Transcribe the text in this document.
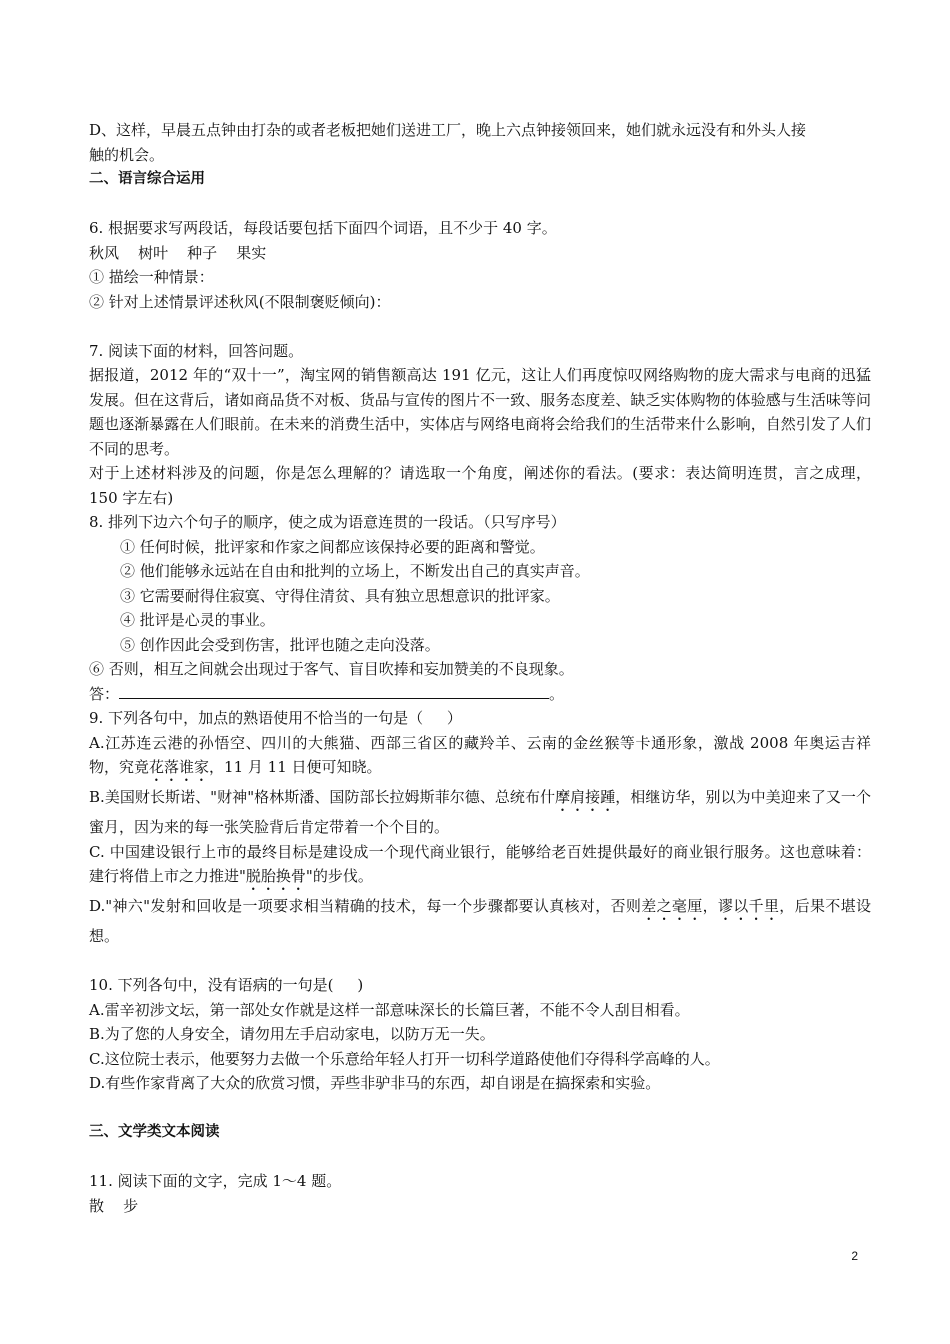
D、这样，早晨五点钟由打杂的或者老板把她们送进工厂，晚上六点钟接领回来，她们就永远没有和外头人接
触的机会。
二、语言综合运用
6. 根据要求写两段话，每段话要包括下面四个词语，且不少于 40 字。
秋风    树叶    种子    果实
① 描绘一种情景：
② 针对上述情景评述秋风(不限制褒贬倾向)：
7. 阅读下面的材料，回答问题。
据报道，2012 年的“双十一”，淘宝网的销售额高达 191 亿元，这让人们再度惊叹网络购物的庞大需求与电商的迅猛发展。但在这背后，诸如商品货不对板、货品与宣传的图片不一致、服务态度差、缺乏实体购物的体验感与生活味等问题也逐渐暴露在人们眼前。在未来的消费生活中，实体店与网络电商将会给我们的生活带来什么影响，自然引发了人们不同的思考。
对于上述材料涉及的问题，你是怎么理解的？请选取一个角度，阐述你的看法。(要求：表达简明连贯，言之成理，150 字左右)
8. 排列下边六个句子的顺序，使之成为语意连贯的一段话。（只写序号）
① 任何时候，批评家和作家之间都应该保持必要的距离和警觉。
② 他们能够永远站在自由和批判的立场上，不断发出自己的真实声音。
③ 它需要耐得住寂寞、守得住清贫、具有独立思想意识的批评家。
④ 批评是心灵的事业。
⑤ 创作因此会受到伤害，批评也随之走向没落。
⑥ 否则，相互之间就会出现过于客气、盲目吹捧和妄加赞美的不良现象。
答：	。
9. 下列各句中，加点的熟语使用不恰当的一句是（     ）
A.江苏连云港的孙悟空、四川的大熊猫、西部三省区的藏羚羊、云南的金丝猴等卡通形象，激战 2008 年奥运吉祥物，究竟花落谁家，11 月 11 日便可知晓。
B.美国财长斯诺、"财神"格林斯潘、国防部长拉姆斯菲尔德、总统布什摩肩接踵，相继访华，别以为中美迎来了又一个蜜月，因为来的每一张笑脸背后肯定带着一个个目的。
C. 中国建设银行上市的最终目标是建设成一个现代商业银行，能够给老百姓提供最好的商业银行服务。这也意味着：建行将借上市之力推进"脱胎换骨"的步伐。
D."神六"发射和回收是一项要求相当精确的技术，每一个步骤都要认真核对，否则差之毫厘，谬以千里，后果不堪设想。
10. 下列各句中，没有语病的一句是(     )
A.雷辛初涉文坛，第一部处女作就是这样一部意味深长的长篇巨著，不能不令人刮目相看。
B.为了您的人身安全，请勿用左手启动家电，以防万无一失。
C.这位院士表示，他要努力去做一个乐意给年轻人打开一切科学道路使他们夺得科学高峰的人。
D.有些作家背离了大众的欣赏习惯，弄些非驴非马的东西，却自诩是在搞探索和实验。
三、文学类文本阅读
11. 阅读下面的文字，完成 1～4 题。
散    步
2
